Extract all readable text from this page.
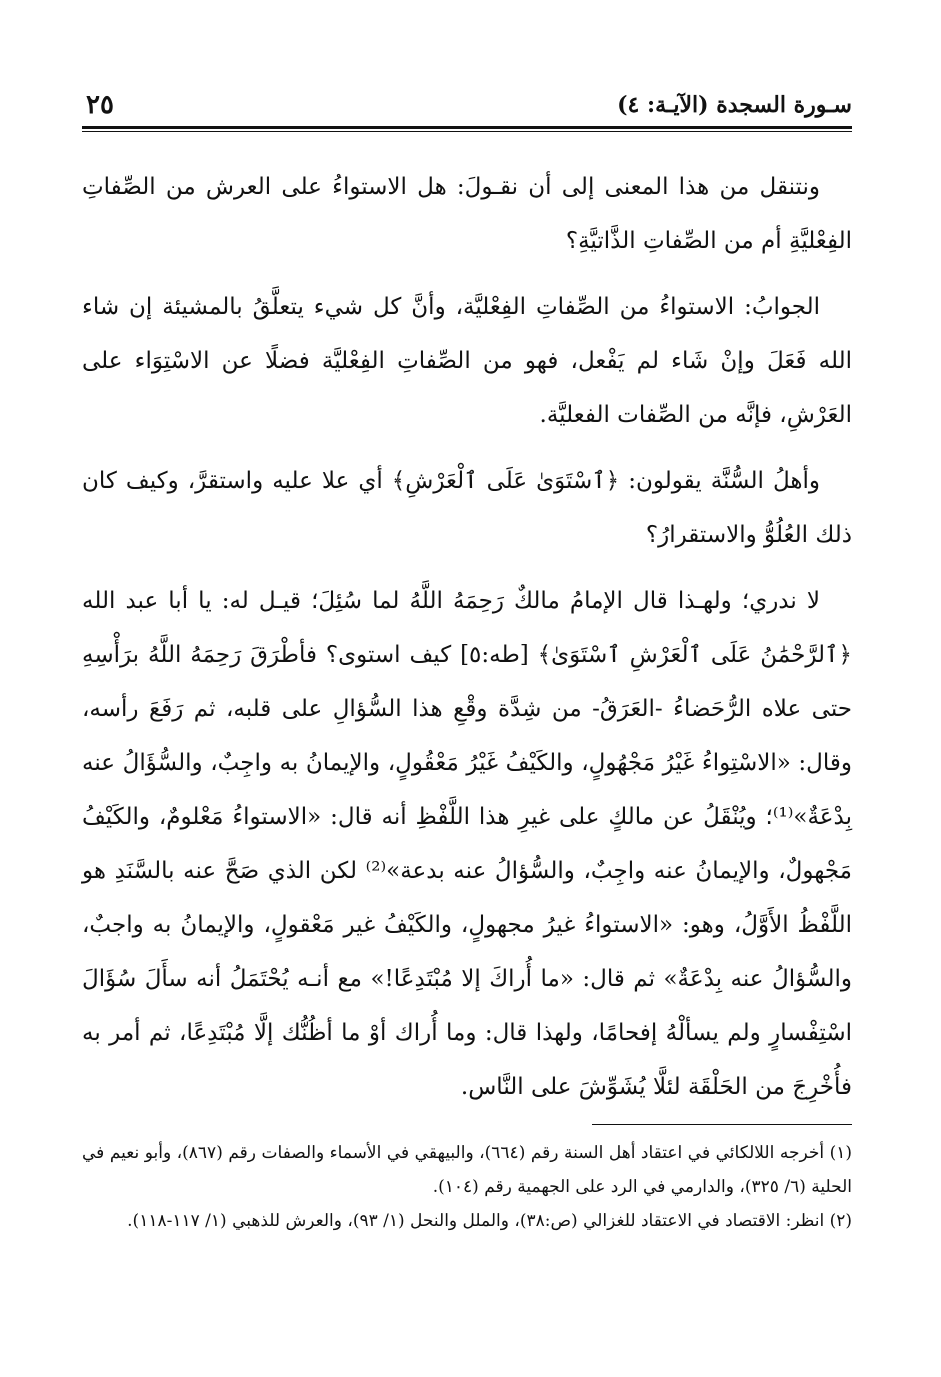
سـورة السجدة (الآيـة: ٤)
٢٥

ونتنقل من هذا المعنى إلى أن نقـولَ: هل الاستواءُ على العرش من الصِّفاتِ الفِعْليَّةِ أم من الصِّفاتِ الذَّاتيَّةِ؟

الجوابُ: الاستواءُ من الصِّفاتِ الفِعْليَّة، وأنَّ كل شيء يتعلَّقُ بالمشيئة إن شاء الله فَعَلَ وإنْ شَاء لم يَفْعل، فهو من الصِّفاتِ الفِعْليَّة فضلًا عن الاسْتِوَاء على العَرْشِ، فإنَّه من الصِّفات الفعليَّة.

وأهلُ السُّنَّة يقولون: ﴿ٱسْتَوَىٰ عَلَى ٱلْعَرْشِ﴾ أي علا عليه واستقرَّ، وكيف كان ذلك العُلُوُّ والاستقرارُ؟

لا ندري؛ ولهـذا قال الإمامُ مالكٌ رَحِمَهُ اللَّهُ لما سُئِلَ؛ قيـل له: يا أبا عبد الله ﴿ٱلرَّحْمَٰنُ عَلَى ٱلْعَرْشِ ٱسْتَوَىٰ﴾ [طه:٥] كيف استوى؟ فأطْرَقَ رَحِمَهُ اللَّهُ برَأْسِهِ حتى علاه الرُّحَضاءُ -العَرَقُ- من شِدَّة وقْعِ هذا السُّؤالِ على قلبه، ثم رَفَعَ رأسه، وقال: «الاسْتِواءُ غَيْرُ مَجْهُولٍ، والكَيْفُ غَيْرُ مَعْقُولٍ، والإيمانُ به واجِبٌ، والسُّؤَالُ عنه بِدْعَةٌ»⁽¹⁾؛ ويُنْقَلُ عن مالكٍ على غيرِ هذا اللَّفْظِ أنه قال: «الاستواءُ مَعْلومٌ، والكَيْفُ مَجْهولٌ، والإيمانُ عنه واجِبٌ، والسُّؤالُ عنه بدعة»⁽²⁾ لكن الذي صَحَّ عنه بالسَّنَدِ هو اللَّفْظُ الأَوَّلُ، وهو: «الاستواءُ غيرُ مجهولٍ، والكَيْفُ غير مَعْقولٍ، والإيمانُ به واجبٌ، والسُّؤالُ عنه بِدْعَةٌ» ثم قال: «ما أُراكَ إلا مُبْتَدِعًا!» مع أنـه يُحْتَمَلُ أنه سأَلَ سُؤَالَ اسْتِفْسارٍ ولم يسألْهُ إفحامًا، ولهذا قال: وما أُراك أوْ ما أظُنُّك إلَّا مُبْتَدِعًا، ثم أمر به فأُخْرِجَ من الحَلْقَة لئلَّا يُشَوِّشَ على النَّاس.

(١) أخرجه اللالكائي في اعتقاد أهل السنة رقم (٦٦٤)، والبيهقي في الأسماء والصفات رقم (٨٦٧)، وأبو نعيم في الحلية (٦/ ٣٢٥)، والدارمي في الرد على الجهمية رقم (١٠٤).

(٢) انظر: الاقتصاد في الاعتقاد للغزالي (ص:٣٨)، والملل والنحل (١/ ٩٣)، والعرش للذهبي (١/ ١١٧-١١٨).
